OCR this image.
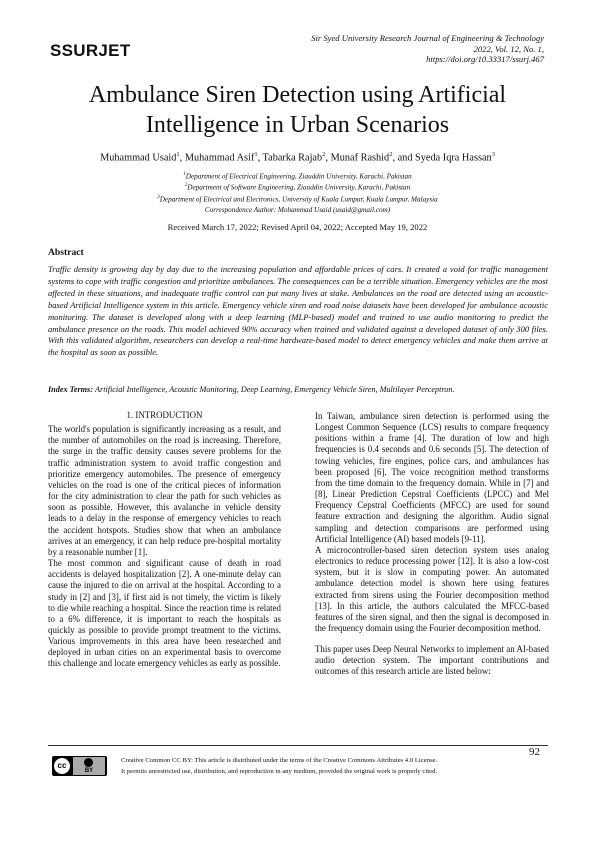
SSURJET
Sir Syed University Research Journal of Engineering & Technology
2022, Vol. 12, No. 1,
https://doi.org/10.33317/ssurj.467
Ambulance Siren Detection using Artificial
Intelligence in Urban Scenarios
Muhammad Usaid$^1$, Muhammad Asif$^1$, Tabarka Rajab$^2$, Munaf Rashid$^2$, and Syeda Iqra Hassan$^3$
$^1$Department of Electrical Engineering, Ziauddin University, Karachi, Pakistan
$^2$Department of Software Engineering, Ziauddin University, Karachi, Pakistan
$^3$Department of Electrical and Electronics, University of Kuala Lumpur, Kuala Lumpur, Malaysia
Correspondence Author: Mohammad Usaid (usaid@gmail.com)
Received March 17, 2022; Revised April 04, 2022; Accepted May 19, 2022
Abstract
Traffic density is growing day by day due to the increasing population and affordable prices of cars. It created a void for traffic management systems to cope with traffic congestion and prioritize ambulances. The consequences can be a terrible situation. Emergency vehicles are the most affected in these situations, and inadequate traffic control can put many lives at stake. Ambulances on the road are detected using an acoustic-based Artificial Intelligence system in this article. Emergency vehicle siren and road noise datasets have been developed for ambulance acoustic monitoring. The dataset is developed along with a deep learning (MLP-based) model and trained to use audio monitoring to predict the ambulance presence on the roads. This model achieved 90% accuracy when trained and validated against a developed dataset of only 300 files. With this validated algorithm, researchers can develop a real-time hardware-based model to detect emergency vehicles and make them arrive at the hospital as soon as possible.
Index Terms: Artificial Intelligence, Acoustic Monitoring, Deep Learning, Emergency Vehicle Siren, Multilayer Perceptron.

1. INTRODUCTION

The world's population is significantly increasing as a result, and the number of automobiles on the road is increasing. Therefore, the surge in the traffic density causes severe problems for the traffic administration system to avoid traffic congestion and prioritize emergency automobiles. The presence of emergency vehicles on the road is one of the critical pieces of information for the city administration to clear the path for such vehicles as soon as possible. However, this avalanche in vehicle density leads to a delay in the response of emergency vehicles to reach the accident hotspots. Studies show that when an ambulance arrives at an emergency, it can help reduce pre-hospital mortality by a reasonable number [1].

The most common and significant cause of death in road accidents is delayed hospitalization [2]. A one-minute delay can cause the injured to die on arrival at the hospital. According to a study in [2] and [3], if first aid is not timely, the victim is likely to die while reaching a hospital. Since the reaction time is related to a 6% difference, it is important to reach the hospitals as quickly as possible to provide prompt treatment to the victims. Various improvements in this area have been researched and deployed in urban cities on an experimental basis to overcome this challenge and locate emergency vehicles as early as possible.

In Taiwan, ambulance siren detection is performed using the Longest Common Sequence (LCS) results to compare frequency positions within a frame [4]. The duration of low and high frequencies is 0.4 seconds and 0.6 seconds [5]. The detection of towing vehicles, fire engines, police cars, and ambulances has been proposed [6]. The voice recognition method transforms from the time domain to the frequency domain. While in [7] and [8], Linear Prediction Cepstral Coefficients (LPCC) and Mel Frequency Cepstral Coefficients (MFCC) are used for sound feature extraction and designing the algorithm. Audio signal sampling and detection comparisons are performed using Artificial Intelligence (AI) based models [9-11].

A microcontroller-based siren detection system uses analog electronics to reduce processing power [12]. It is also a low-cost system, but it is slow in computing power. An automated ambulance detection model is shown here using features extracted from sirens using the Fourier decomposition method [13]. In this article, the authors calculated the MFCC-based features of the siren signal, and then the signal is decomposed in the frequency domain using the Fourier decomposition method.

This paper uses Deep Neural Networks to implement an AI-based audio detection system. The important contributions and outcomes of this research article are listed below:

cc
BY
Creative Common CC BY: This article is distributed under the terms of the Creative Commons Attributes 4.0 License.
It permits unrestricted use, distribution, and reproduction in any medium, provided the original work is properly cited.
92
